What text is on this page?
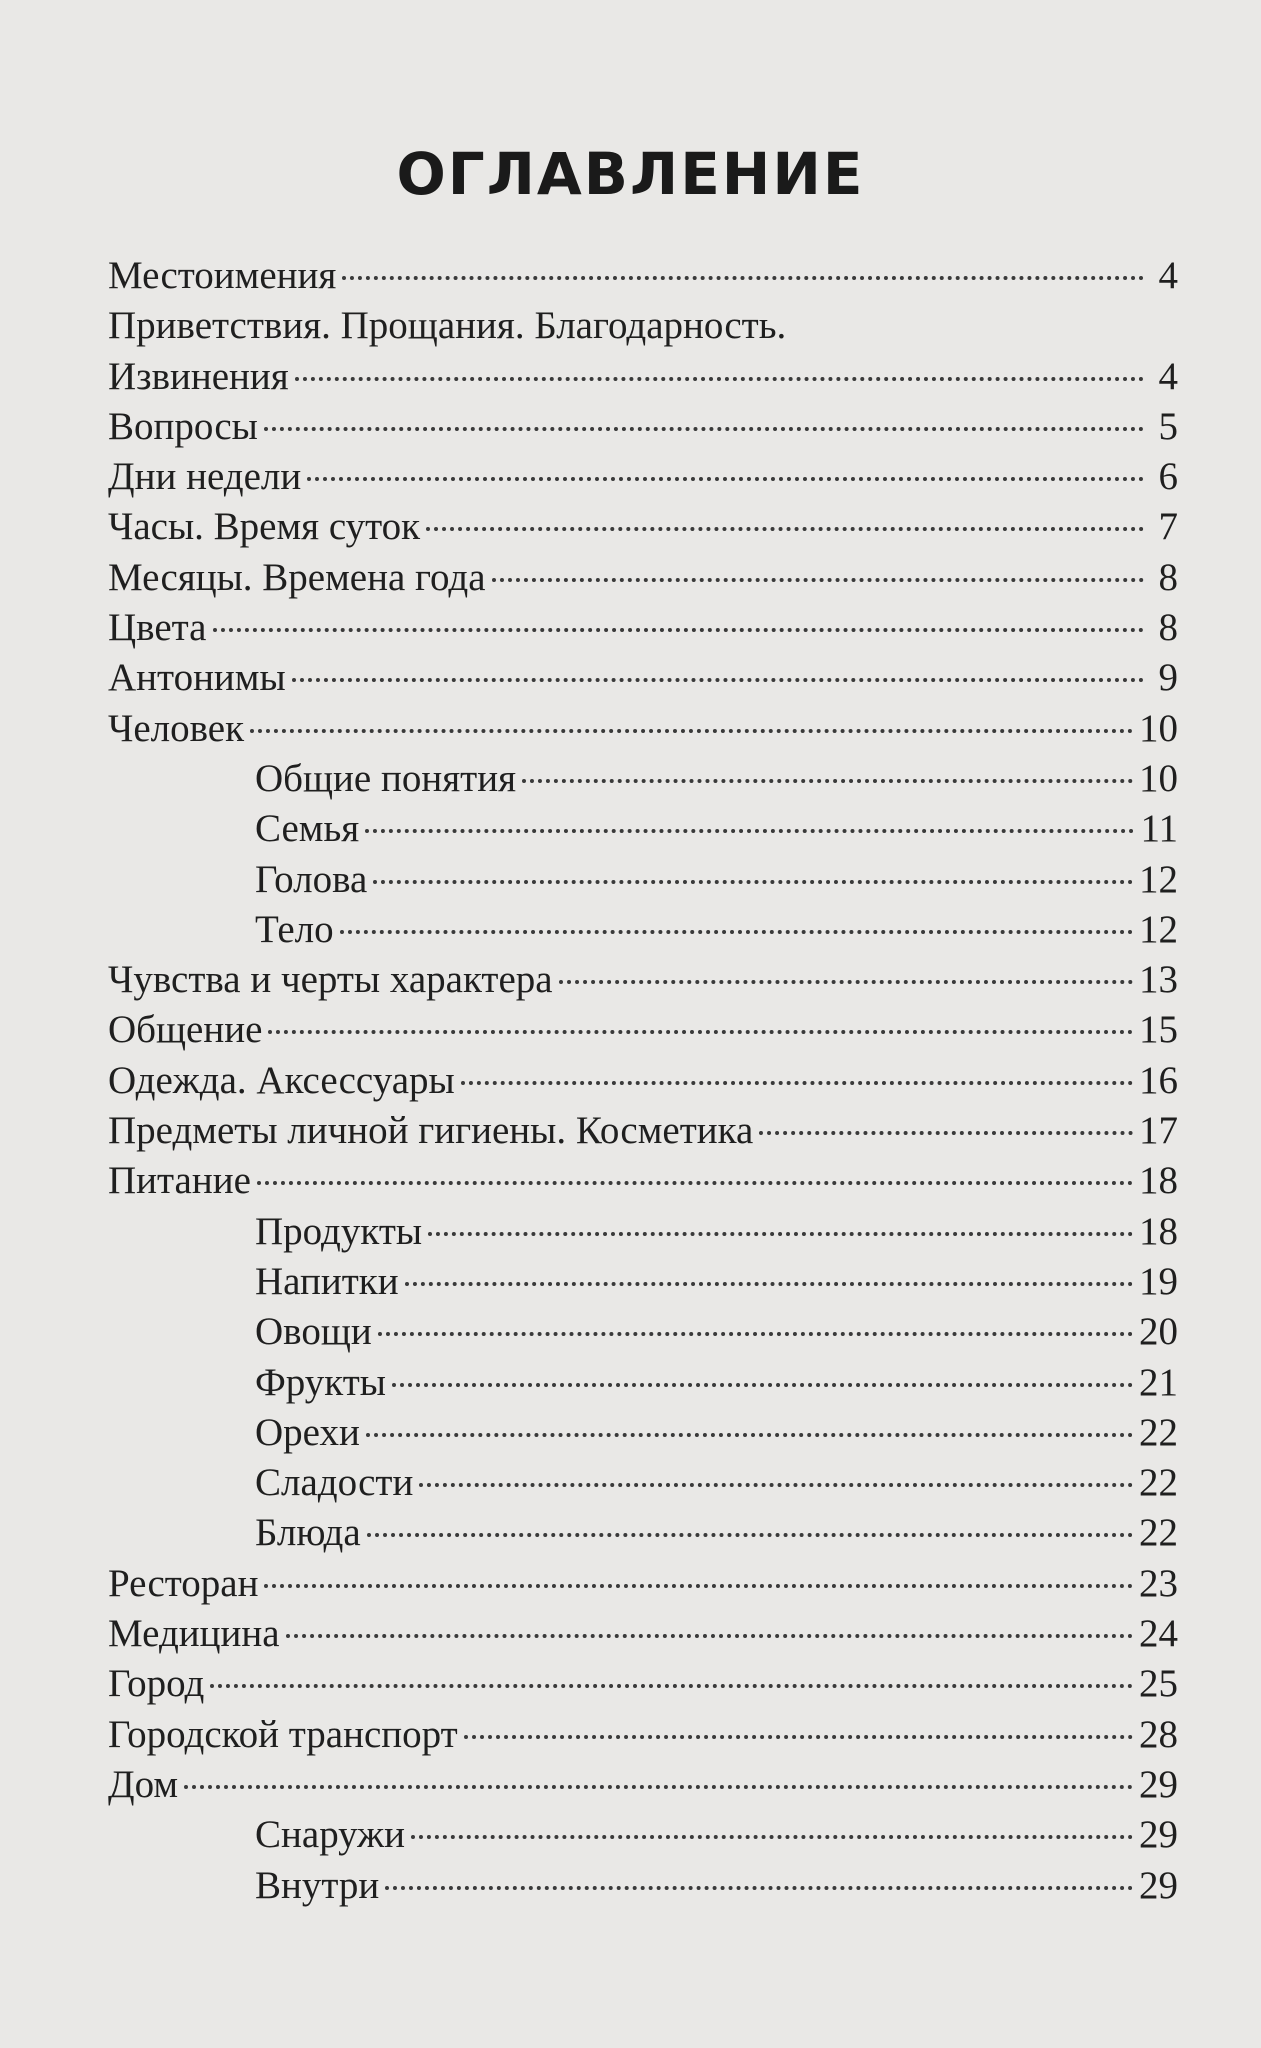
ОГЛАВЛЕНИЕ
Местоимения	4
Приветствия. Прощания. Благодарность.
Извинения	4
Вопросы	5
Дни недели	6
Часы. Время суток	7
Месяцы. Времена года	8
Цвета	8
Антонимы	9
Человек	10
Общие понятия	10
Семья	11
Голова	12
Тело	12
Чувства и черты характера	13
Общение	15
Одежда. Аксессуары	16
Предметы личной гигиены. Косметика	17
Питание	18
Продукты	18
Напитки	19
Овощи	20
Фрукты	21
Орехи	22
Сладости	22
Блюда	22
Ресторан	23
Медицина	24
Город	25
Городской транспорт	28
Дом	29
Снаружи	29
Внутри	29
